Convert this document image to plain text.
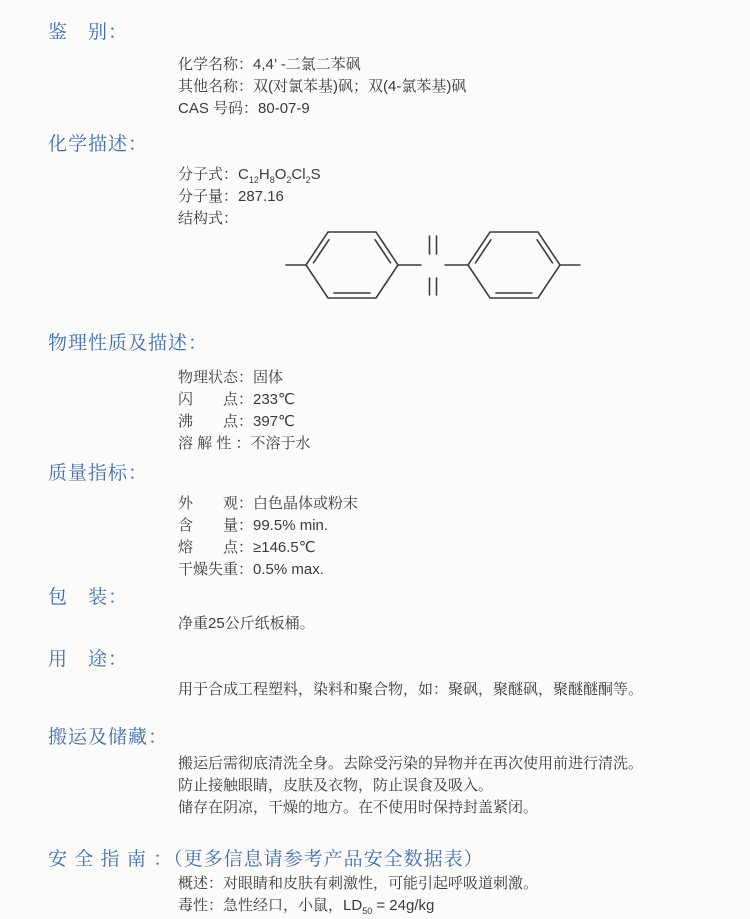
鉴　别：

化学名称：4,4’ -二氯二苯砜

其他名称：双(对氯苯基)砜；双(4-氯苯基)砜

CAS 号码：80-07-9

化学描述：

分子式：$C_{12}H_8O_2Cl_2S$

分子量：287.16

结构式：

物理性质及描述：

物理状态：固体

闪　　点：233℃

沸　　点：397℃

溶 解 性 ：不溶于水

质量指标：

外　　观：白色晶体或粉末

含　　量：99.5% min.

熔　　点：≥146.5℃

干燥失重：0.5% max.

包　装：

净重25公斤纸板桶。

用　途：

用于合成工程塑料，染料和聚合物，如：聚砜，聚醚砜，聚醚醚酮等。

搬运及储藏：

搬运后需彻底清洗全身。去除受污染的异物并在再次使用前进行清洗。

防止接触眼睛，皮肤及衣物，防止误食及吸入。

储存在阴凉，干燥的地方。在不使用时保持封盖紧闭。

安 全 指 南 ：（更多信息请参考产品安全数据表）

概述：对眼睛和皮肤有刺激性，可能引起呼吸道刺激。

毒性：急性经口，小鼠，$LD_{50} = 24g/kg$
